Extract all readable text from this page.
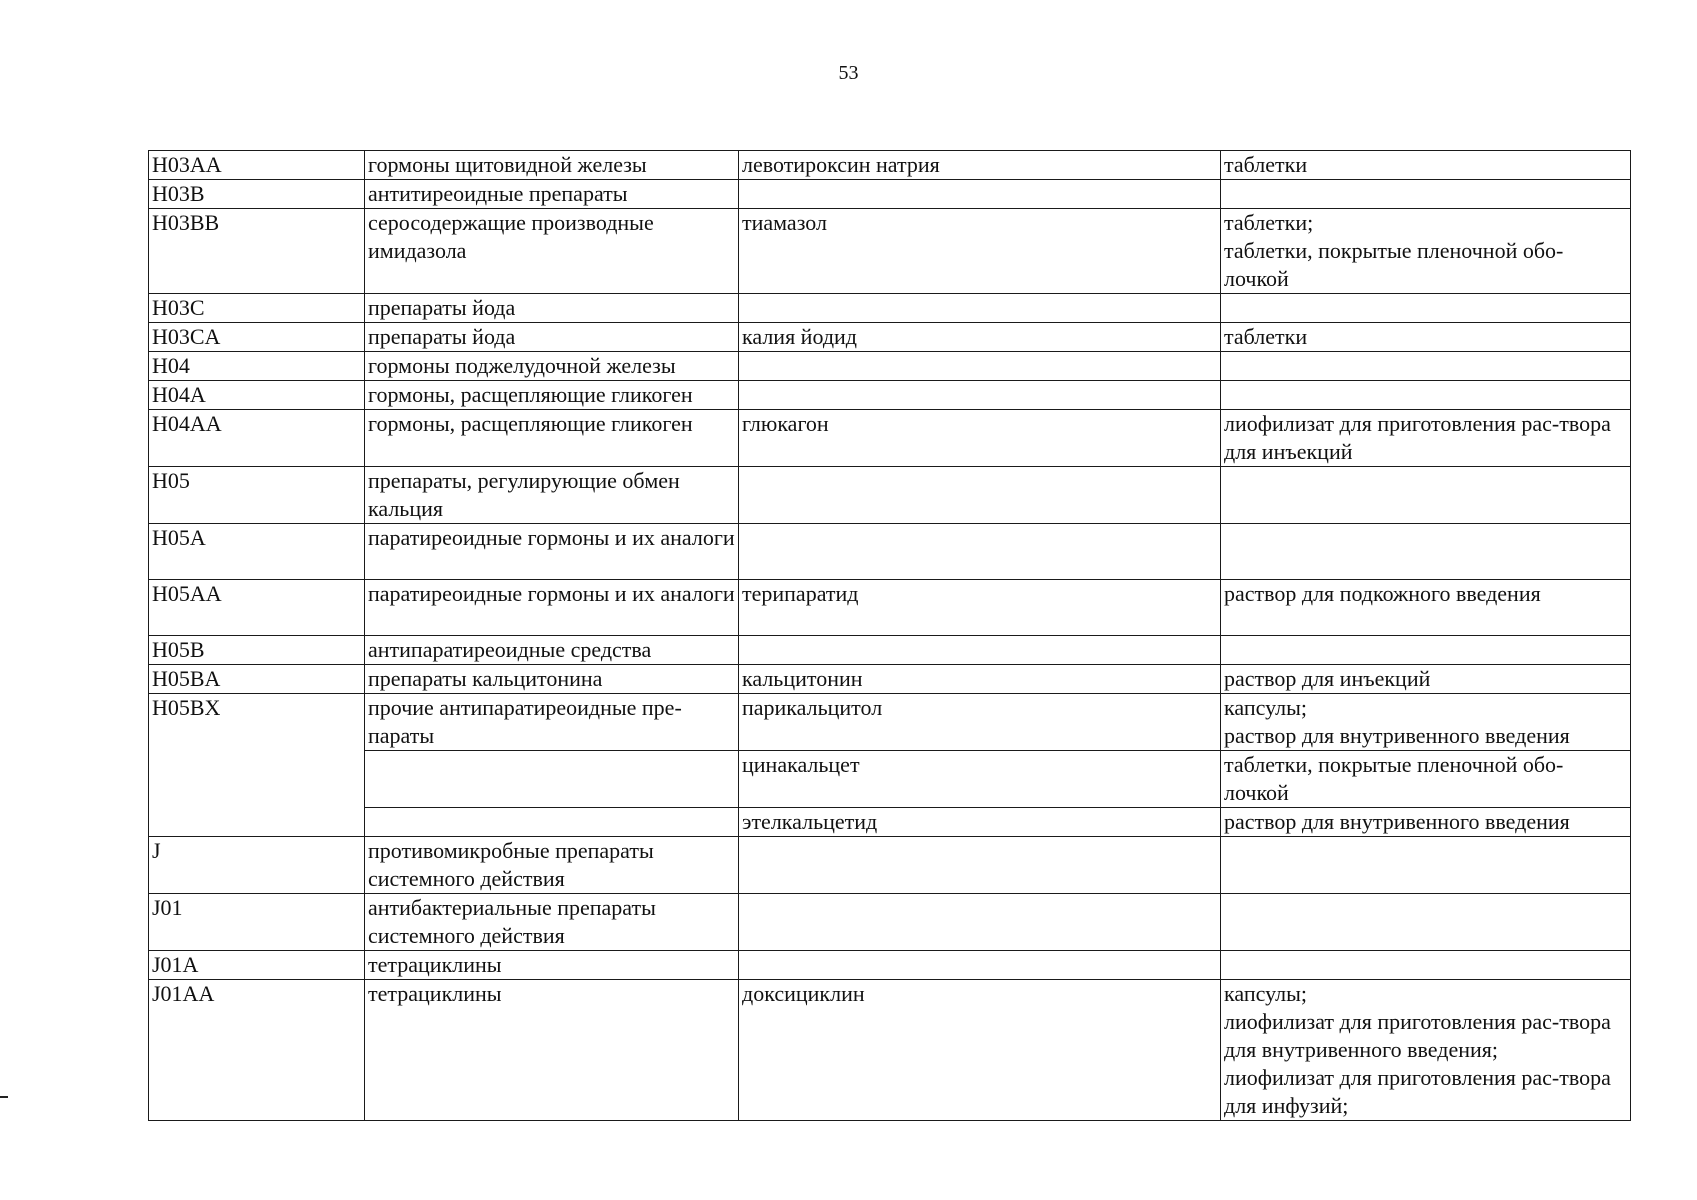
53
H03AA	гормоны щитовидной железы	левотироксин натрия	таблетки
H03B	антитиреоидные препараты		
H03BB	серосодержащие производные имидазола	тиамазол	таблетки;
таблетки, покрытые пленочной обо-лочкой
H03C	препараты йода		
H03CA	препараты йода	калия йодид	таблетки
H04	гормоны поджелудочной железы		
H04A	гормоны, расщепляющие гликоген		
H04AA	гормоны, расщепляющие гликоген	глюкагон	лиофилизат для приготовления рас-твора для инъекций
H05	препараты, регулирующие обмен кальция		
H05A	паратиреоидные гормоны и их аналоги		
H05AA	паратиреоидные гормоны и их аналоги	терипаратид	раствор для подкожного введения
H05B	антипаратиреоидные средства		
H05BA	препараты кальцитонина	кальцитонин	раствор для инъекций
H05BX	прочие антипаратиреоидные пре-параты	парикальцитол	капсулы;
раствор для внутривенного введения
		цинакальцет	таблетки, покрытые пленочной обо-лочкой
		этелкальцетид	раствор для внутривенного введения
J	противомикробные препараты системного действия		
J01	антибактериальные препараты системного действия		
J01A	тетрациклины		
J01AA	тетрациклины	доксициклин	капсулы;
лиофилизат для приготовления рас-твора для внутривенного введения;
лиофилизат для приготовления рас-твора для инфузий;
